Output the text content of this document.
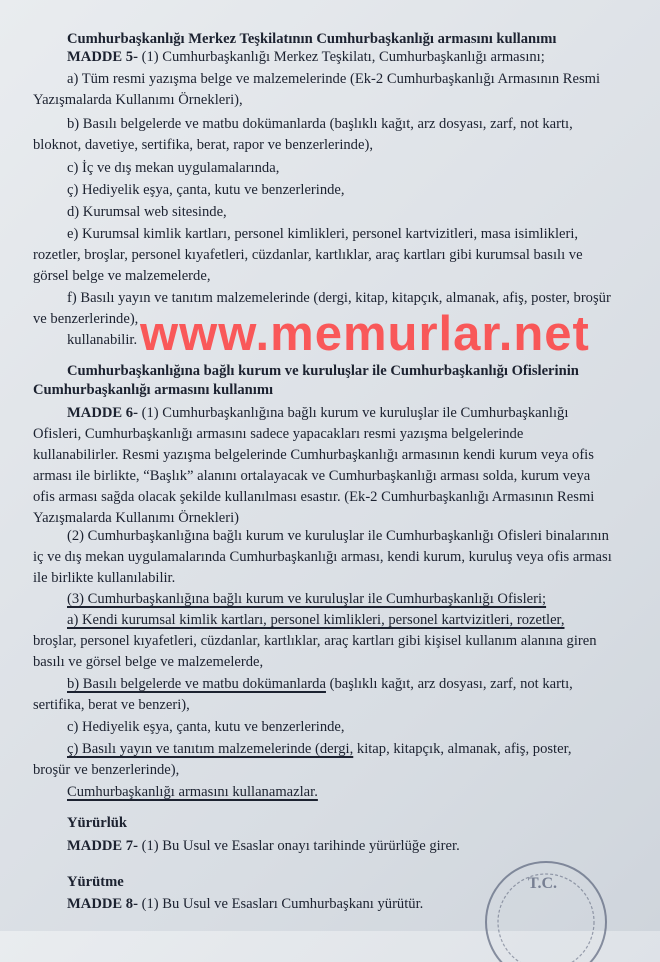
Cumhurbaşkanlığı Merkez Teşkilatının Cumhurbaşkanlığı armasını kullanımı
MADDE 5- (1) Cumhurbaşkanlığı Merkez Teşkilatı, Cumhurbaşkanlığı armasını;
a) Tüm resmi yazışma belge ve malzemelerinde (Ek-2 Cumhurbaşkanlığı Armasının Resmi
Yazışmalarda Kullanımı Örnekleri),
b) Basılı belgelerde ve matbu dokümanlarda (başlıklı kağıt, arz dosyası, zarf, not kartı,
bloknot, davetiye, sertifika, berat, rapor ve benzerlerinde),
c) İç ve dış mekan uygulamalarında,
ç) Hediyelik eşya, çanta, kutu ve benzerlerinde,
d) Kurumsal web sitesinde,
e) Kurumsal kimlik kartları, personel kimlikleri, personel kartvizitleri, masa isimlikleri,
rozetler, broşlar, personel kıyafetleri, cüzdanlar, kartlıklar, araç kartları gibi kurumsal basılı ve
görsel belge ve malzemelerde,
f) Basılı yayın ve tanıtım malzemelerinde (dergi, kitap, kitapçık, almanak, afiş, poster, broşür
ve benzerlerinde),
kullanabilir.
Cumhurbaşkanlığına bağlı kurum ve kuruluşlar ile Cumhurbaşkanlığı Ofislerinin
Cumhurbaşkanlığı armasını kullanımı
MADDE 6- (1) Cumhurbaşkanlığına bağlı kurum ve kuruluşlar ile Cumhurbaşkanlığı
Ofisleri, Cumhurbaşkanlığı armasını sadece yapacakları resmi yazışma belgelerinde
kullanabilirler. Resmi yazışma belgelerinde Cumhurbaşkanlığı armasının kendi kurum veya ofis
arması ile birlikte, “Başlık” alanını ortalayacak ve Cumhurbaşkanlığı arması solda, kurum veya
ofis arması sağda olacak şekilde kullanılması esastır. (Ek-2 Cumhurbaşkanlığı Armasının Resmi
Yazışmalarda Kullanımı Örnekleri)
(2) Cumhurbaşkanlığına bağlı kurum ve kuruluşlar ile Cumhurbaşkanlığı Ofisleri binalarının
iç ve dış mekan uygulamalarında Cumhurbaşkanlığı arması, kendi kurum, kuruluş veya ofis arması
ile birlikte kullanılabilir.
(3) Cumhurbaşkanlığına bağlı kurum ve kuruluşlar ile Cumhurbaşkanlığı Ofisleri;
a) Kendi kurumsal kimlik kartları, personel kimlikleri, personel kartvizitleri, rozetler,
broşlar, personel kıyafetleri, cüzdanlar, kartlıklar, araç kartları gibi kişisel kullanım alanına giren
basılı ve görsel belge ve malzemelerde,
b) Basılı belgelerde ve matbu dokümanlarda (başlıklı kağıt, arz dosyası, zarf, not kartı,
sertifika, berat ve benzeri),
c) Hediyelik eşya, çanta, kutu ve benzerlerinde,
ç) Basılı yayın ve tanıtım malzemelerinde (dergi, kitap, kitapçık, almanak, afiş, poster,
broşür ve benzerlerinde),
Cumhurbaşkanlığı armasını kullanamazlar.
Yürürlük
MADDE 7- (1) Bu Usul ve Esaslar onayı tarihinde yürürlüğe girer.
Yürütme
MADDE 8- (1) Bu Usul ve Esasları Cumhurbaşkanı yürütür.
www.memurlar.net
T.C.
